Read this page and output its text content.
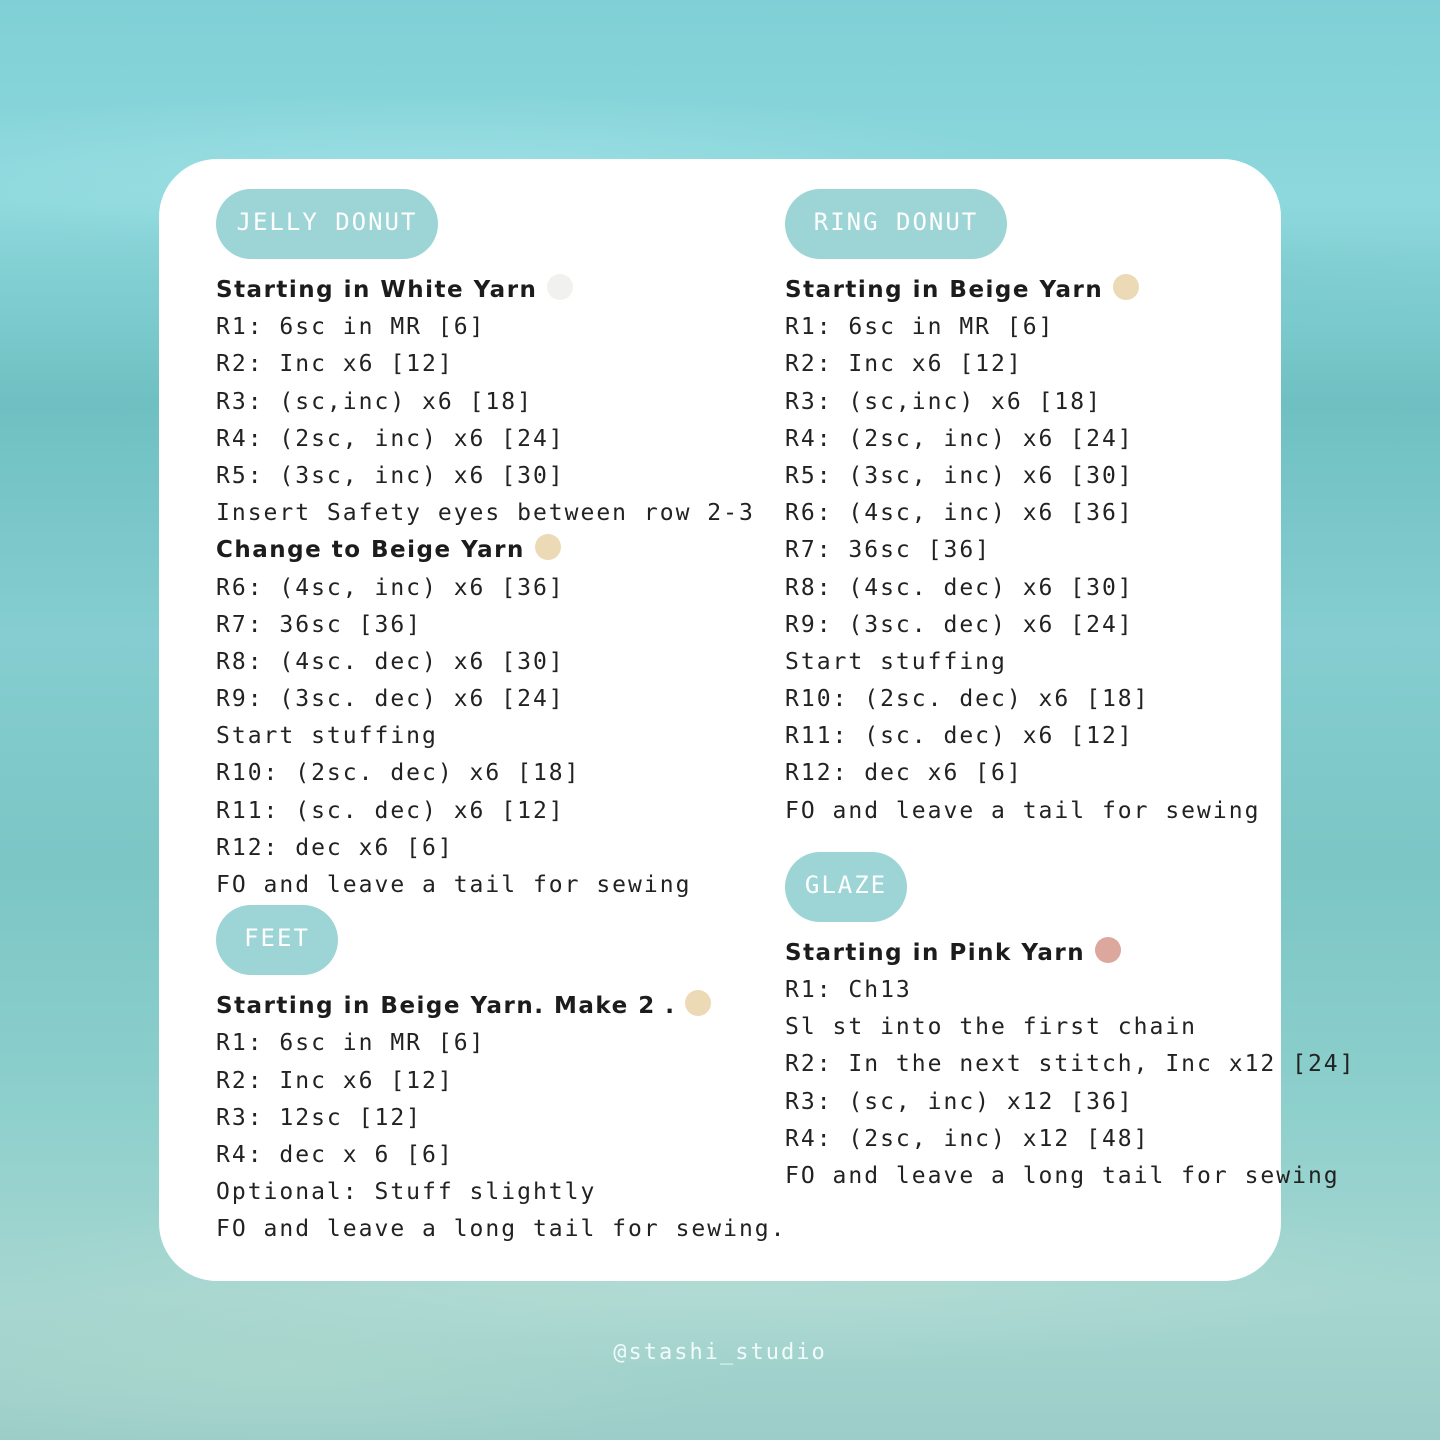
JELLY DONUT
Starting in White Yarn
R1: 6sc in MR [6]
R2: Inc x6 [12]
R3: (sc,inc) x6 [18]
R4: (2sc, inc) x6 [24]
R5: (3sc, inc) x6 [30]
Insert Safety eyes between row 2-3
Change to Beige Yarn
R6: (4sc, inc) x6 [36]
R7: 36sc [36]
R8: (4sc. dec) x6 [30]
R9: (3sc. dec) x6 [24]
Start stuffing
R10: (2sc. dec) x6 [18]
R11: (sc. dec) x6 [12]
R12: dec x6 [6]
FO and leave a tail for sewing
FEET
Starting in Beige Yarn. Make 2 .
R1: 6sc in MR [6]
R2: Inc x6 [12]
R3: 12sc [12]
R4: dec x 6 [6]
Optional: Stuff slightly
FO and leave a long tail for sewing.
RING DONUT
Starting in Beige Yarn
R1: 6sc in MR [6]
R2: Inc x6 [12]
R3: (sc,inc) x6 [18]
R4: (2sc, inc) x6 [24]
R5: (3sc, inc) x6 [30]
R6: (4sc, inc) x6 [36]
R7: 36sc [36]
R8: (4sc. dec) x6 [30]
R9: (3sc. dec) x6 [24]
Start stuffing
R10: (2sc. dec) x6 [18]
R11: (sc. dec) x6 [12]
R12: dec x6 [6]
FO and leave a tail for sewing
GLAZE
Starting in Pink Yarn
R1: Ch13
Sl st into the first chain
R2: In the next stitch, Inc x12 [24]
R3: (sc, inc) x12 [36]
R4: (2sc, inc) x12 [48]
FO and leave a long tail for sewing
@stashi_studio
